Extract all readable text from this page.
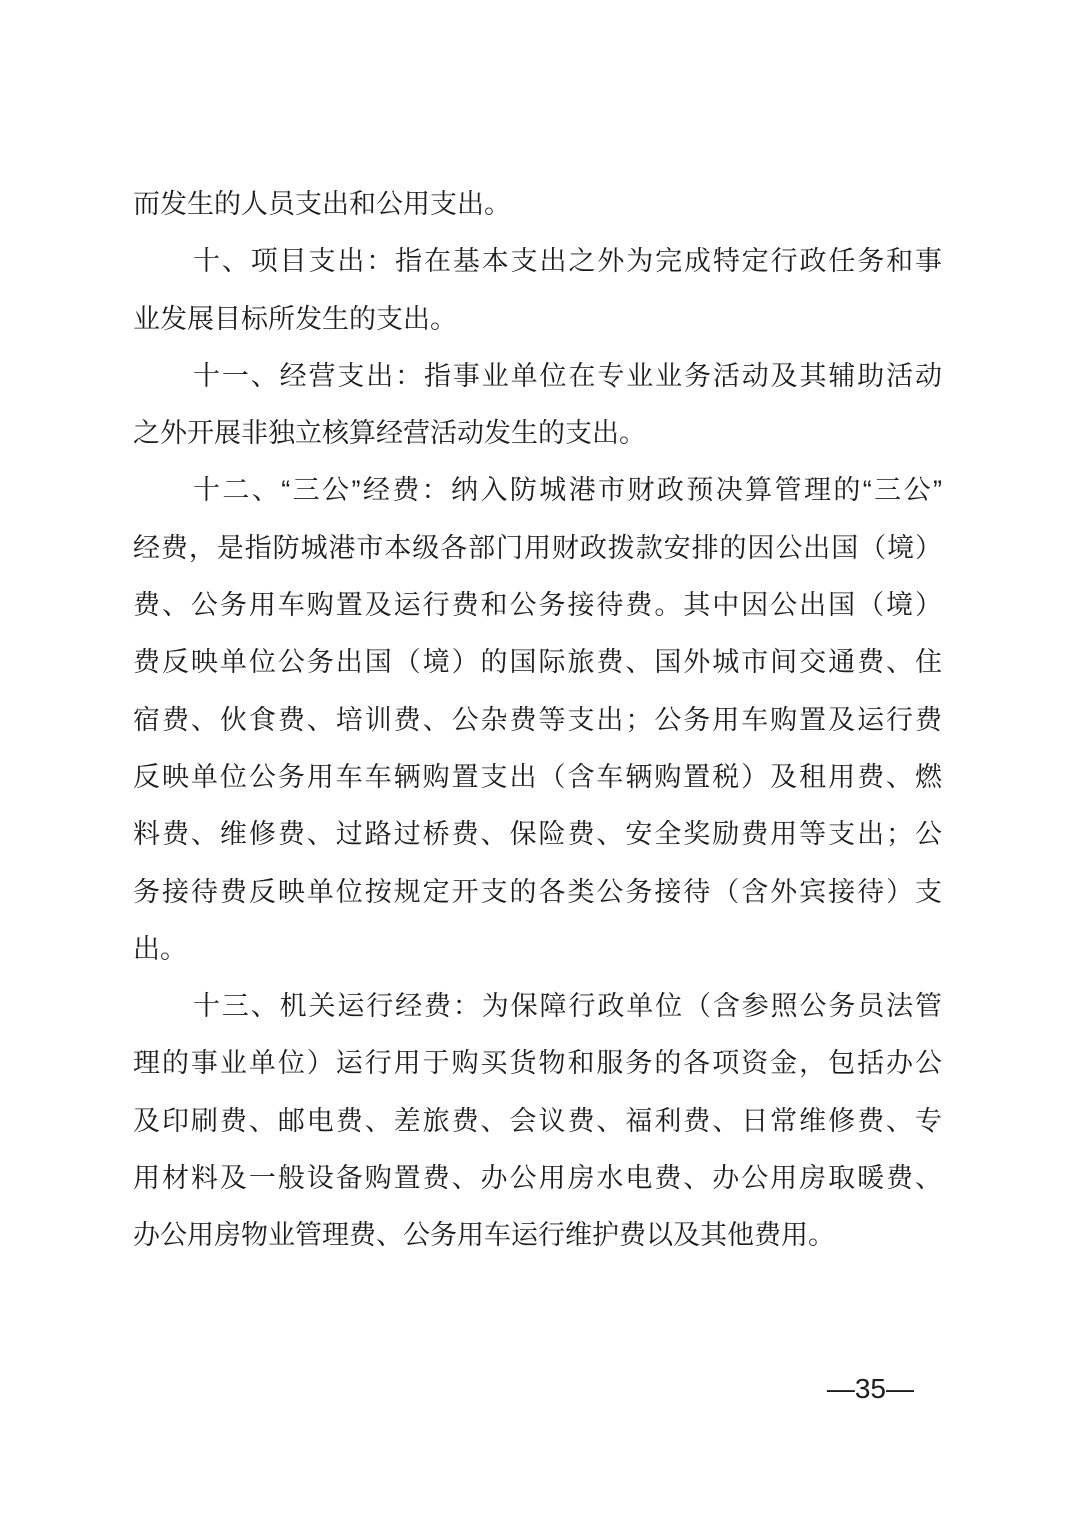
而发生的人员支出和公用支出。

十、项目支出：指在基本支出之外为完成特定行政任务和事

业发展目标所发生的支出。

十一、经营支出：指事业单位在专业业务活动及其辅助活动

之外开展非独立核算经营活动发生的支出。

十二、“三公”经费：纳入防城港市财政预决算管理的“三公”

经费，是指防城港市本级各部门用财政拨款安排的因公出国（境）

费、公务用车购置及运行费和公务接待费。其中因公出国（境）

费反映单位公务出国（境）的国际旅费、国外城市间交通费、住

宿费、伙食费、培训费、公杂费等支出；公务用车购置及运行费

反映单位公务用车车辆购置支出（含车辆购置税）及租用费、燃

料费、维修费、过路过桥费、保险费、安全奖励费用等支出；公

务接待费反映单位按规定开支的各类公务接待（含外宾接待）支

出。

十三、机关运行经费：为保障行政单位（含参照公务员法管

理的事业单位）运行用于购买货物和服务的各项资金，包括办公

及印刷费、邮电费、差旅费、会议费、福利费、日常维修费、专

用材料及一般设备购置费、办公用房水电费、办公用房取暖费、

办公用房物业管理费、公务用车运行维护费以及其他费用。

—35—
